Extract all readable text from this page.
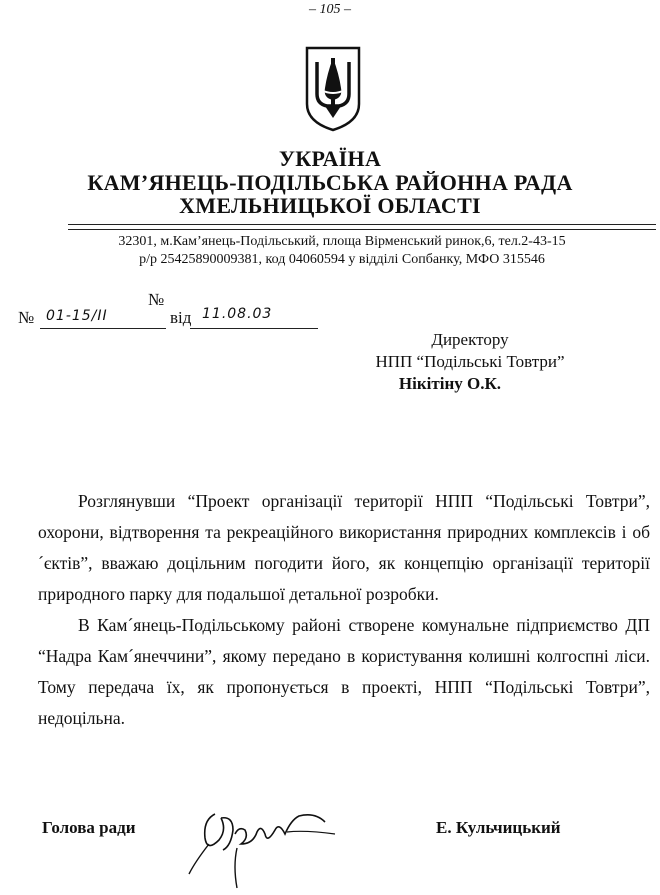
– 105 –
УКРАЇНА
КАМ’ЯНЕЦЬ-ПОДІЛЬСЬКА РАЙОННА РАДА
ХМЕЛЬНИЦЬКОЇ ОБЛАСТІ
32301, м.Кам’янець-Подільський, площа Вірменський ринок,6, тел.2-43-15
р/р 25425890009381, код 04060594 у відділі Сопбанку, МФО 315546
№ 01-15/ІІ
№
від 11.08.03
Директору
НПП “Подільські Товтри”
Нікітіну О.К.

Розглянувши “Проект організації території НПП “Подільські Товтри”, охорони, відтворення та рекреаційного використання природних комплексів і об´єктів”, вважаю доцільним погодити його, як концепцію організації території природного парку для подальшої детальної розробки.

В Кам´янець-Подільському районі створене комунальне підприємство ДП “Надра Кам´янеччини”, якому передано в користування колишні колгоспні ліси. Тому передача їх, як пропонується в проекті, НПП “Подільські Товтри”, недоцільна.

Голова ради	Е. Кульчицький
